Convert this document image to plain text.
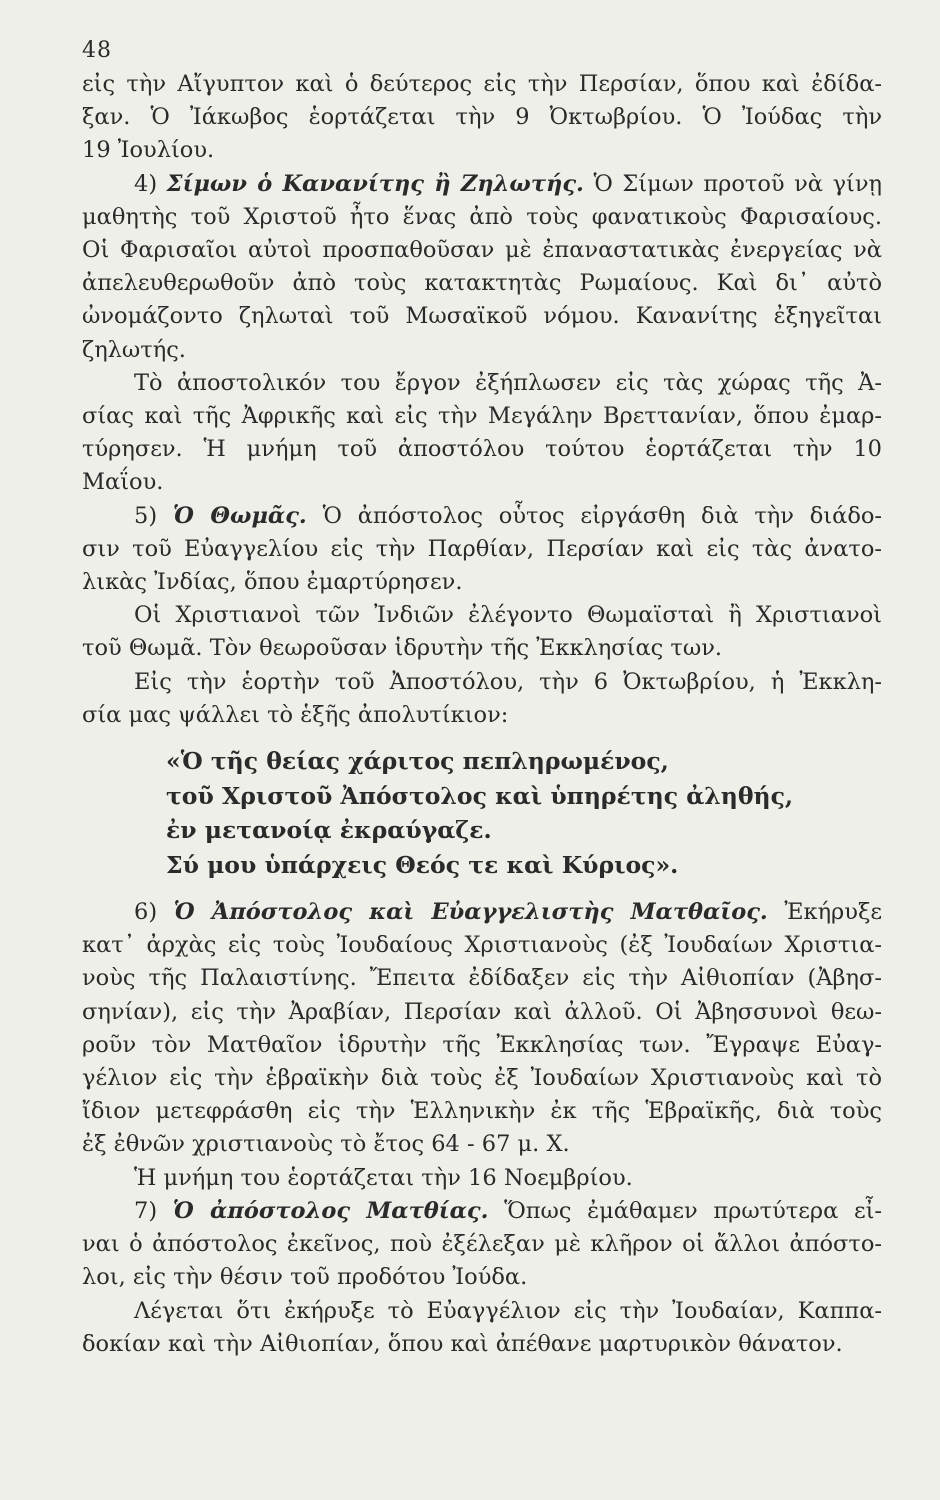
48
εἰς τὴν Αἴγυπτον καὶ ὁ δεύτερος εἰς τὴν Περσίαν, ὅπου καὶ ἐδίδα-
ξαν. Ὁ Ἰάκωβος ἑορτάζεται τὴν 9 Ὀκτωβρίου. Ὁ Ἰούδας τὴν
19 Ἰουλίου.
4) Σίμων ὁ Κανανίτης ἢ Ζηλωτής. Ὁ Σίμων προτοῦ νὰ γίνῃ
μαθητὴς τοῦ Χριστοῦ ἦτο ἕνας ἀπὸ τοὺς φανατικοὺς Φαρισαίους.
Οἱ Φαρισαῖοι αὐτοὶ προσπαθοῦσαν μὲ ἐπαναστατικὰς ἐνεργείας νὰ
ἀπελευθερωθοῦν ἀπὸ τοὺς κατακτητὰς Ρωμαίους. Καὶ δι᾿ αὐτὸ
ὠνομάζοντο ζηλωταὶ τοῦ Μωσαϊκοῦ νόμου. Κανανίτης ἐξηγεῖται
ζηλωτής.
Τὸ ἀποστολικόν του ἔργον ἐξήπλωσεν εἰς τὰς χώρας τῆς Ἀ-
σίας καὶ τῆς Ἀφρικῆς καὶ εἰς τὴν Μεγάλην Βρεττανίαν, ὅπου ἐμαρ-
τύρησεν. Ἡ μνήμη τοῦ ἀποστόλου τούτου ἑορτάζεται τὴν 10
Μαΐου.
5) Ὁ Θωμᾶς. Ὁ ἀπόστολος οὗτος εἰργάσθη διὰ τὴν διάδο-
σιν τοῦ Εὐαγγελίου εἰς τὴν Παρθίαν, Περσίαν καὶ εἰς τὰς ἀνατο-
λικὰς Ἰνδίας, ὅπου ἐμαρτύρησεν.
Οἱ Χριστιανοὶ τῶν Ἰνδιῶν ἐλέγοντο Θωμαϊσταὶ ἢ Χριστιανοὶ
τοῦ Θωμᾶ. Τὸν θεωροῦσαν ἱδρυτὴν τῆς Ἐκκλησίας των.
Εἰς τὴν ἑορτὴν τοῦ Ἀποστόλου, τὴν 6 Ὀκτωβρίου, ἡ Ἐκκλη-
σία μας ψάλλει τὸ ἑξῆς ἀπολυτίκιον:
«Ὁ τῆς θείας χάριτος πεπληρωμένος,
τοῦ Χριστοῦ Ἀπόστολος καὶ ὑπηρέτης ἀληθής,
ἐν μετανοίᾳ ἐκραύγαζε.
Σύ μου ὑπάρχεις Θεός τε καὶ Κύριος».
6) Ὁ Ἀπόστολος καὶ Εὐαγγελιστὴς Ματθαῖος. Ἐκήρυξε
κατ᾿ ἀρχὰς εἰς τοὺς Ἰουδαίους Χριστιανοὺς (ἐξ Ἰουδαίων Χριστια-
νοὺς τῆς Παλαιστίνης. Ἔπειτα ἐδίδαξεν εἰς τὴν Αἰθιοπίαν (Ἀβησ-
σηνίαν), εἰς τὴν Ἀραβίαν, Περσίαν καὶ ἀλλοῦ. Οἱ Ἀβησσυνοὶ θεω-
ροῦν τὸν Ματθαῖον ἱδρυτὴν τῆς Ἐκκλησίας των. Ἔγραψε Εὐαγ-
γέλιον εἰς τὴν ἑβραϊκὴν διὰ τοὺς ἐξ Ἰουδαίων Χριστιανοὺς καὶ τὸ
ἴδιον μετεφράσθη εἰς τὴν Ἑλληνικὴν ἐκ τῆς Ἑβραϊκῆς, διὰ τοὺς
ἐξ ἐθνῶν χριστιανοὺς τὸ ἔτος 64 - 67 μ. Χ.
Ἡ μνήμη του ἑορτάζεται τὴν 16 Νοεμβρίου.
7) Ὁ ἀπόστολος Ματθίας. Ὅπως ἐμάθαμεν πρωτύτερα εἶ-
ναι ὁ ἀπόστολος ἐκεῖνος, ποὺ ἐξέλεξαν μὲ κλῆρον οἱ ἄλλοι ἀπόστο-
λοι, εἰς τὴν θέσιν τοῦ προδότου Ἰούδα.
Λέγεται ὅτι ἐκήρυξε τὸ Εὐαγγέλιον εἰς τὴν Ἰουδαίαν, Καππα-
δοκίαν καὶ τὴν Αἰθιοπίαν, ὅπου καὶ ἀπέθανε μαρτυρικὸν θάνατον.
